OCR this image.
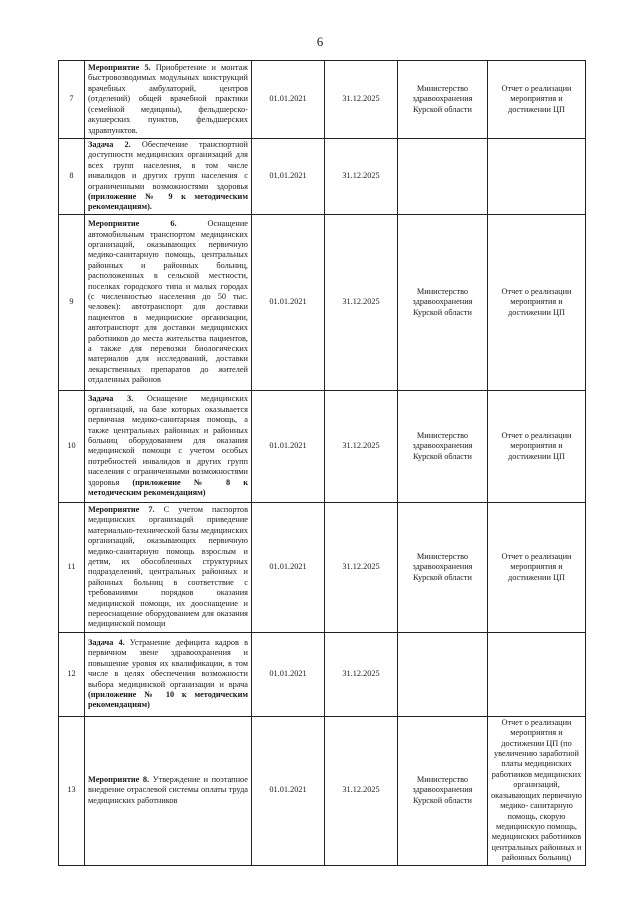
6
7	Мероприятие 5. Приобретение и монтаж быстровозводимых модульных конструкций врачебных амбулаторий, центров (отделений) общей врачебной практики (семейной медицины), фельдшерско-акушерских пунктов, фельдшерских здравпунктов.	01.01.2021	31.12.2025	Министерство здравоохранения Курской области	Отчет о реализации мероприятия и достижении ЦП
8	Задача 2. Обеспечение транспортной доступности медицинских организаций для всех групп населения, в том числе инвалидов и других групп населения с ограниченными возможностями здоровья (приложение № 9 к методическим рекомендациям).	01.01.2021	31.12.2025		
9	Мероприятие 6. Оснащение автомобильным транспортом медицинских организаций, оказывающих первичную медико-санитарную помощь, центральных районных и районных больниц, расположенных в сельской местности, поселках городского типа и малых городах (с численностью населения до 50 тыс. человек): автотранспорт для доставки пациентов в медицинские организации, автотранспорт для доставки медицинских работников до места жительства пациентов, а также для перевозки биологических материалов для исследований, доставки лекарственных препаратов до жителей отдаленных районов	01.01.2021	31.12.2025	Министерство здравоохранения Курской области	Отчет о реализации мероприятия и достижении ЦП
10	Задача 3. Оснащение медицинских организаций, на базе которых оказывается первичная медико-санитарная помощь, а также центральных районных и районных больниц оборудованием для оказания медицинской помощи с учетом особых потребностей инвалидов и других групп населения с ограниченными возможностями здоровья (приложение № 8 к методическим рекомендациям)	01.01.2021	31.12.2025	Министерство здравоохранения Курской области	Отчет о реализации мероприятия и достижении ЦП
11	Мероприятие 7. С учетом паспортов медицинских организаций приведение материально-технической базы медицинских организаций, оказывающих первичную медико-санитарную помощь взрослым и детям, их обособленных структурных подразделений, центральных районных и районных больниц в соответствие с требованиями порядков оказания медицинской помощи, их дооснащение и переоснащение оборудованием для оказания медицинской помощи	01.01.2021	31.12.2025	Министерство здравоохранения Курской области	Отчет о реализации мероприятия и достижении ЦП
12	Задача 4. Устранение дефицита кадров в первичном звене здравоохранения и повышение уровня их квалификации, в том числе в целях обеспечения возможности выбора медицинской организации и врача (приложение № 10 к методическим рекомендациям)	01.01.2021	31.12.2025		
13	Мероприятие 8. Утверждение и поэтапное внедрение отраслевой системы оплаты труда медицинских работников	01.01.2021	31.12.2025	Министерство здравоохранения Курской области	Отчет о реализации мероприятия и достижении ЦП (по увеличению заработной платы медицинских работников медицинских организаций, оказывающих первичную медико- санитарную помощь, скорую медицинскую помощь, медицинских работников центральных районных и районных больниц)
